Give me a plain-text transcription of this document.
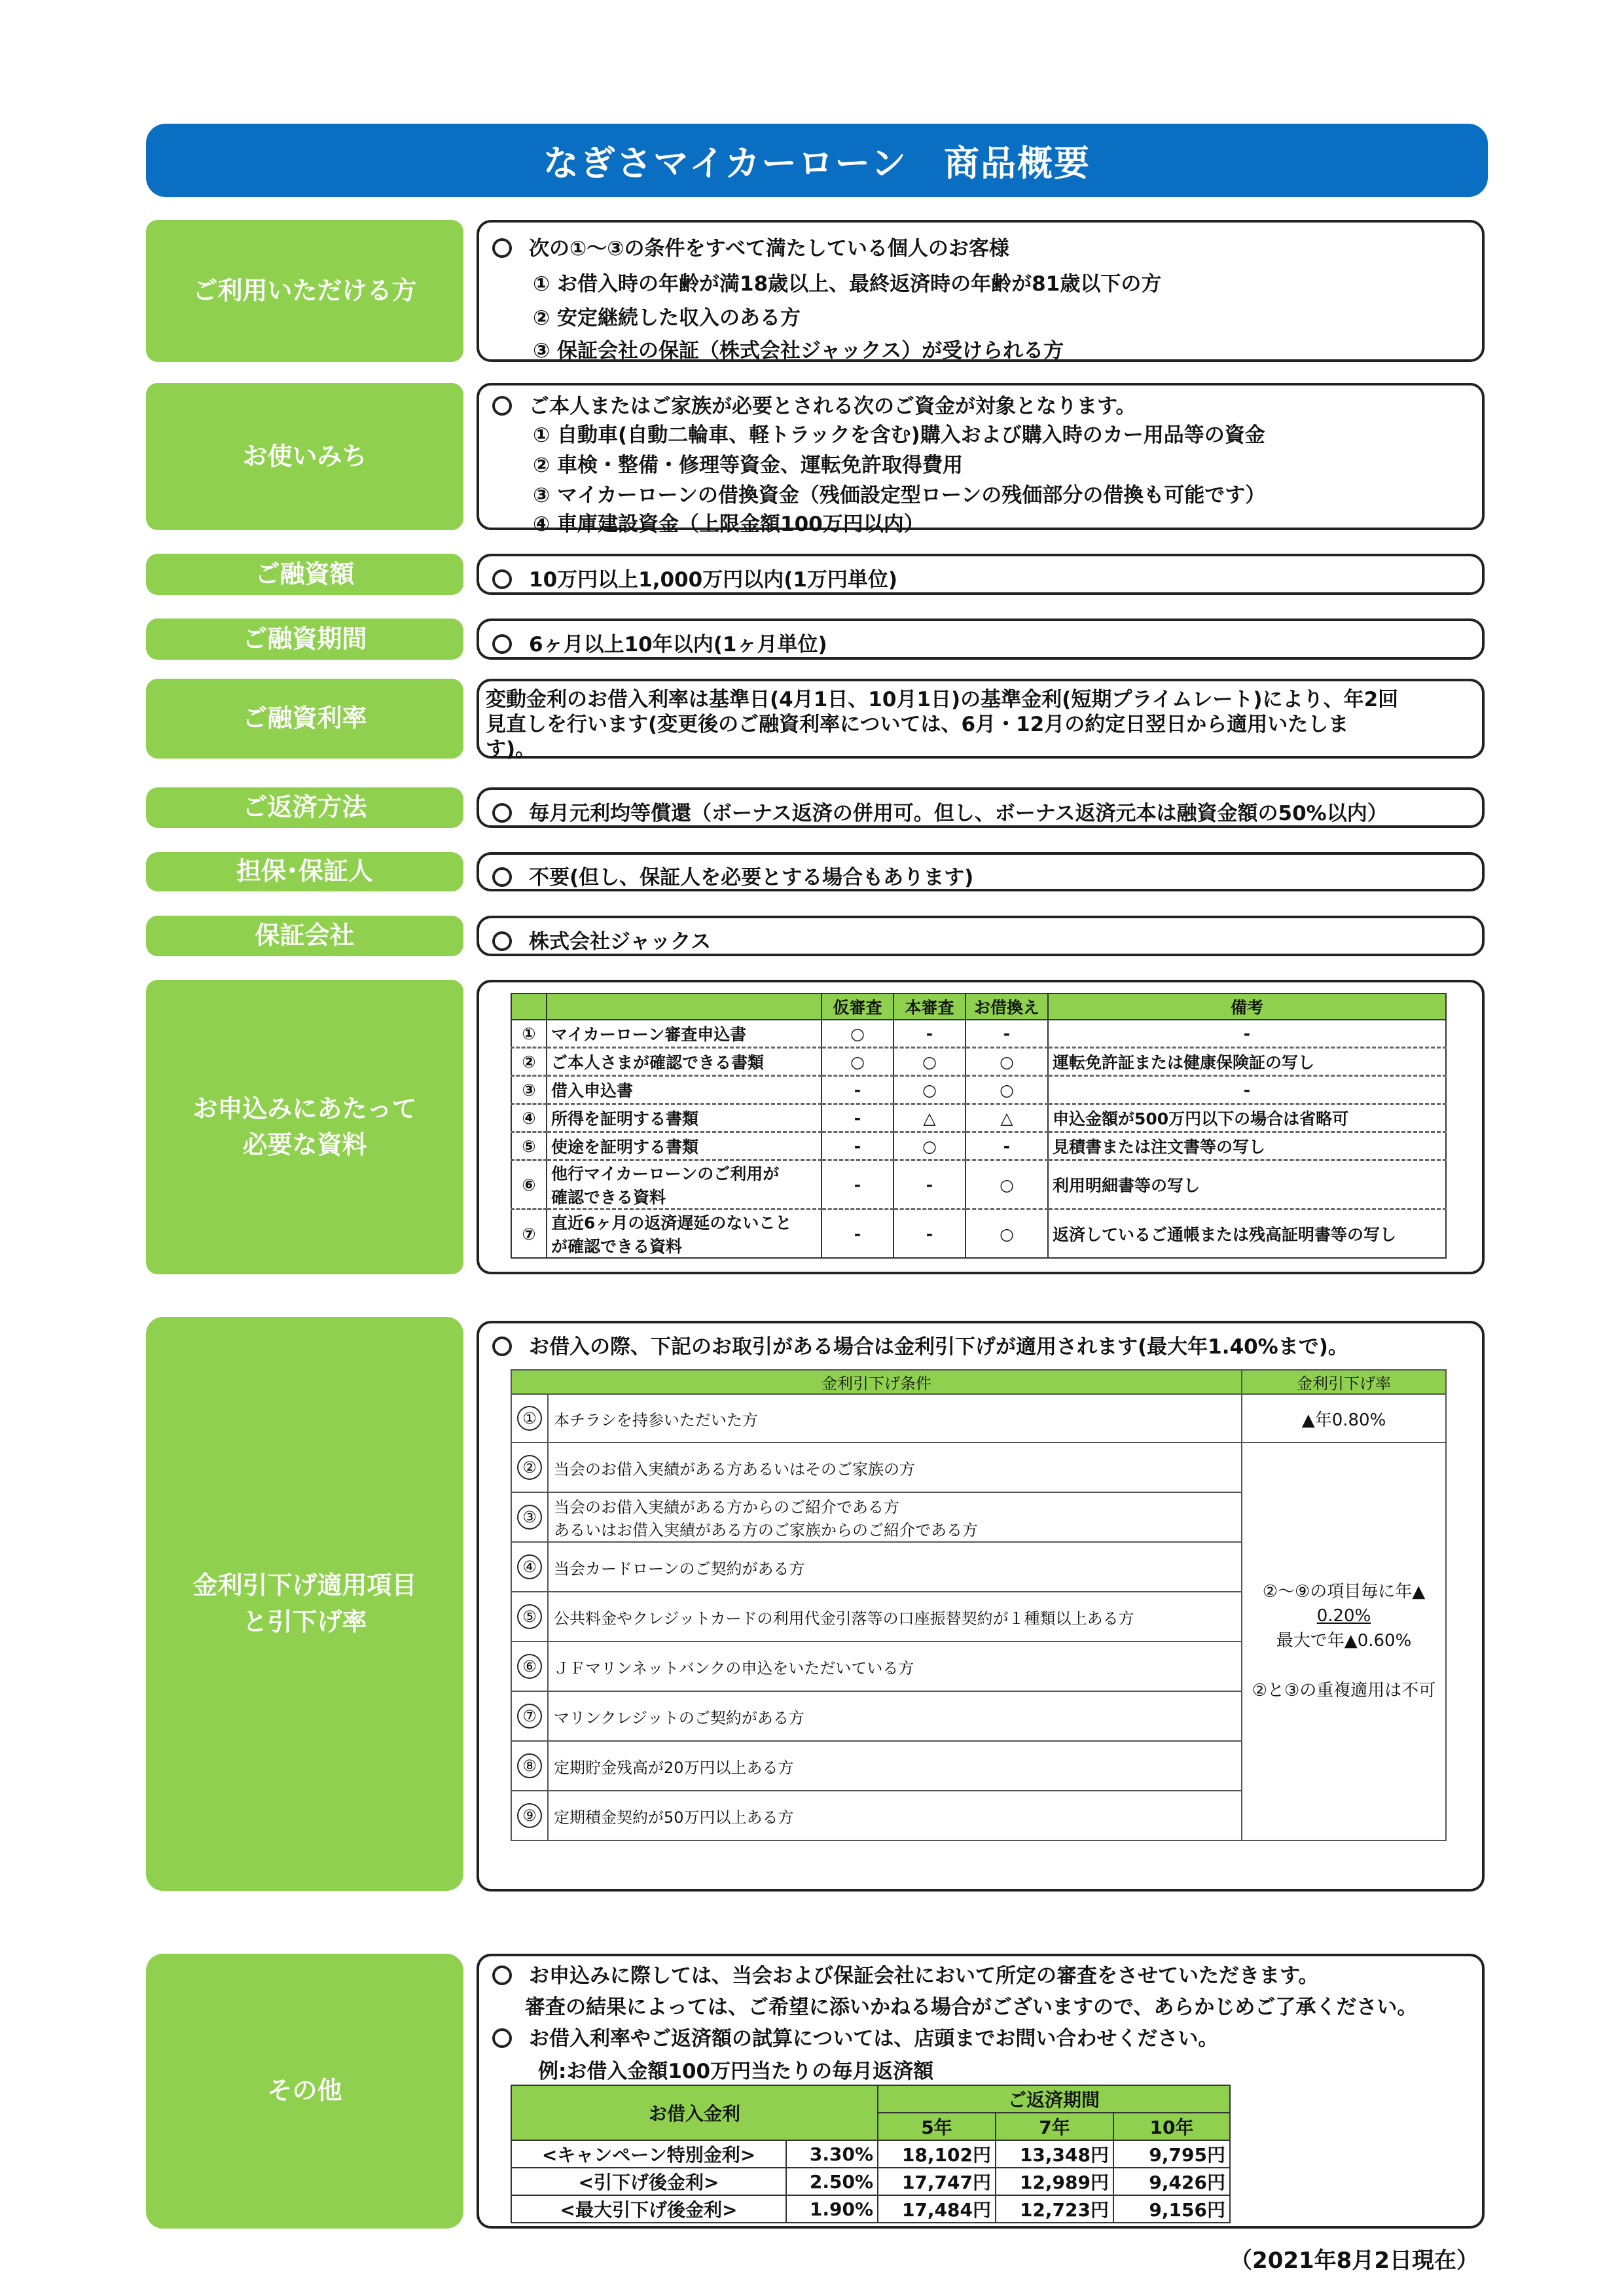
なぎさマイカーローン　商品概要
ご利用いただける方
次の①～③の条件をすべて満たしている個人のお客様
① お借入時の年齢が満18歳以上、最終返済時の年齢が81歳以下の方
② 安定継続した収入のある方
③ 保証会社の保証（株式会社ジャックス）が受けられる方
お使いみち
ご本人またはご家族が必要とされる次のご資金が対象となります。
① 自動車(自動二輪車、軽トラックを含む)購入および購入時のカー用品等の資金
② 車検・整備・修理等資金、運転免許取得費用
③ マイカーローンの借換資金（残価設定型ローンの残価部分の借換も可能です）
④ 車庫建設資金（上限金額100万円以内）
ご融資額	10万円以上1,000万円以内(1万円単位)
ご融資期間	6ヶ月以上10年以内(1ヶ月単位)
ご融資利率
変動金利のお借入利率は基準日(4月1日、10月1日)の基準金利(短期プライムレート)により、年2回
見直しを行います(変更後のご融資利率については、6月・12月の約定日翌日から適用いたしま
す)。
ご返済方法	毎月元利均等償還（ボーナス返済の併用可。但し、ボーナス返済元本は融資金額の50%以内）
担保･保証人	不要(但し、保証人を必要とする場合もあります)
保証会社	株式会社ジャックス
お申込みにあたって
必要な資料
		仮審査	本審査	お借換え	備考
①	マイカーローン審査申込書	○	-	-	-
②	ご本人さまが確認できる書類	○	○	○	運転免許証または健康保険証の写し
③	借入申込書	-	○	○	-
④	所得を証明する書類	-	△	△	申込金額が500万円以下の場合は省略可
⑤	使途を証明する書類	-	○	-	見積書または注文書等の写し
⑥	他行マイカーローンのご利用が
確認できる資料	-	-	○	利用明細書等の写し
⑦	直近6ヶ月の返済遅延のないこと
が確認できる資料	-	-	○	返済しているご通帳または残高証明書等の写し
金利引下げ適用項目
と引下げ率
お借入の際、下記のお取引がある場合は金利引下げが適用されます(最大年1.40%まで)。
金利引下げ条件		金利引下げ率
①	本チラシを持参いただいた方	▲年0.80%
②	当会のお借入実績がある方あるいはそのご家族の方	②～⑨の項目毎に年▲
0.20%
最大で年▲0.60%

②と③の重複適用は不可
③	当会のお借入実績がある方からのご紹介である方
あるいはお借入実績がある方のご家族からのご紹介である方	
④	当会カードローンのご契約がある方	
⑤	公共料金やクレジットカードの利用代金引落等の口座振替契約が１種類以上ある方	
⑥	ＪＦマリンネットバンクの申込をいただいている方	
⑦	マリンクレジットのご契約がある方	
⑧	定期貯金残高が20万円以上ある方	
⑨	定期積金契約が50万円以上ある方	
その他
お申込みに際しては、当会および保証会社において所定の審査をさせていただきます。
審査の結果によっては、ご希望に添いかねる場合がございますので、あらかじめご了承ください。
お借入利率やご返済額の試算については、店頭までお問い合わせください。
例:お借入金額100万円当たりの毎月返済額
お借入金利		ご返済期間		
		5年	7年	10年
<キャンペーン特別金利>	3.30%	18,102円	13,348円	9,795円
<引下げ後金利>	2.50%	17,747円	12,989円	9,426円
<最大引下げ後金利>	1.90%	17,484円	12,723円	9,156円
（2021年8月2日現在）
